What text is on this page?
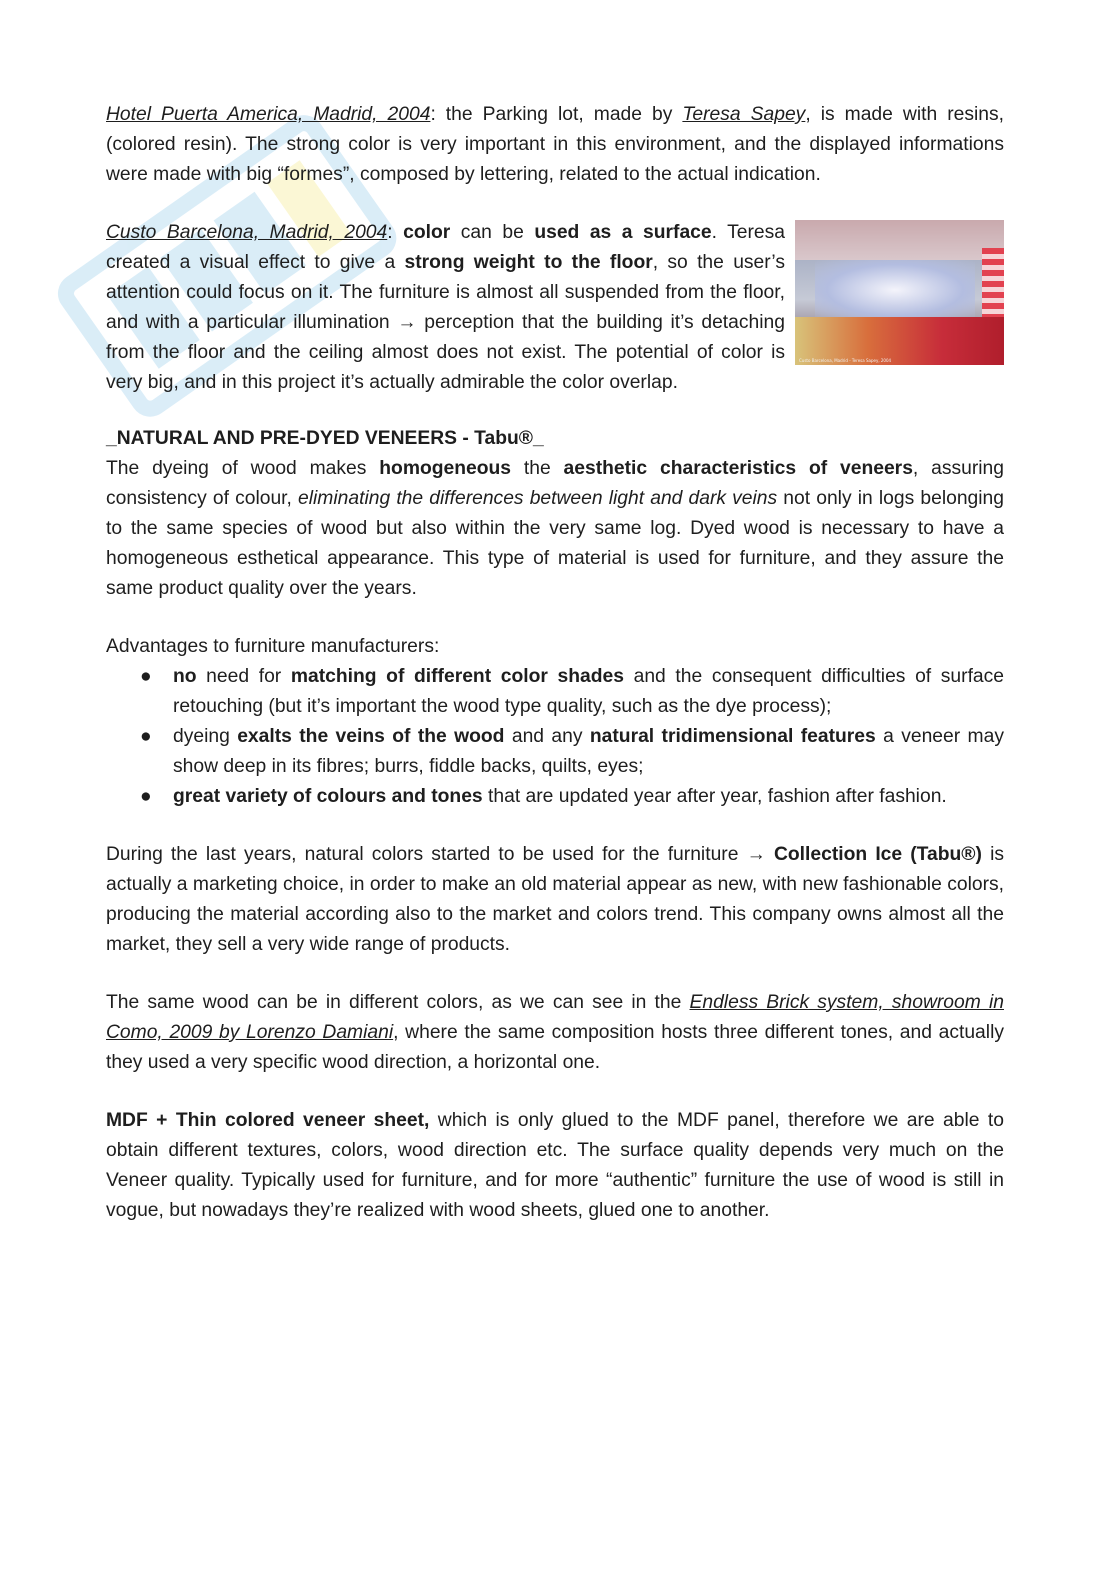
Hotel Puerta America, Madrid, 2004: the Parking lot, made by Teresa Sapey, is made with resins, (colored resin). The strong color is very important in this environment, and the displayed informations were made with big “formes”, composed by lettering, related to the actual indication.

Custo Barcelona, Madrid - Teresa Sapey, 2004

Custo Barcelona, Madrid, 2004: color can be used as a surface. Teresa created a visual effect to give a strong weight to the floor, so the user’s attention could focus on it. The furniture is almost all suspended from the floor, and with a particular illumination → perception that the building it’s detaching from the floor and the ceiling almost does not exist. The potential of color is very big, and in this project it’s actually admirable the color overlap.

_NATURAL AND PRE-DYED VENEERS - Tabu®_

The dyeing of wood makes homogeneous the aesthetic characteristics of veneers, assuring consistency of colour, eliminating the differences between light and dark veins not only in logs belonging to the same species of wood but also within the very same log. Dyed wood is necessary to have a homogeneous esthetical appearance. This type of material is used for furniture, and they assure the same product quality over the years.

Advantages to furniture manufacturers:

● no need for matching of different color shades and the consequent difficulties of surface retouching (but it’s important the wood type quality, such as the dye process);
● dyeing exalts the veins of the wood and any natural tridimensional features a veneer may show deep in its fibres; burrs, fiddle backs, quilts, eyes;
● great variety of colours and tones that are updated year after year, fashion after fashion.

During the last years, natural colors started to be used for the furniture → Collection Ice (Tabu®) is actually a marketing choice, in order to make an old material appear as new, with new fashionable colors, producing the material according also to the market and colors trend. This company owns almost all the market, they sell a very wide range of products.

The same wood can be in different colors, as we can see in the Endless Brick system, showroom in Como, 2009 by Lorenzo Damiani, where the same composition hosts three different tones, and actually they used a very specific wood direction, a horizontal one.

MDF + Thin colored veneer sheet, which is only glued to the MDF panel, therefore we are able to obtain different textures, colors, wood direction etc. The surface quality depends very much on the Veneer quality. Typically used for furniture, and for more “authentic” furniture the use of wood is still in vogue, but nowadays they’re realized with wood sheets, glued one to another.
